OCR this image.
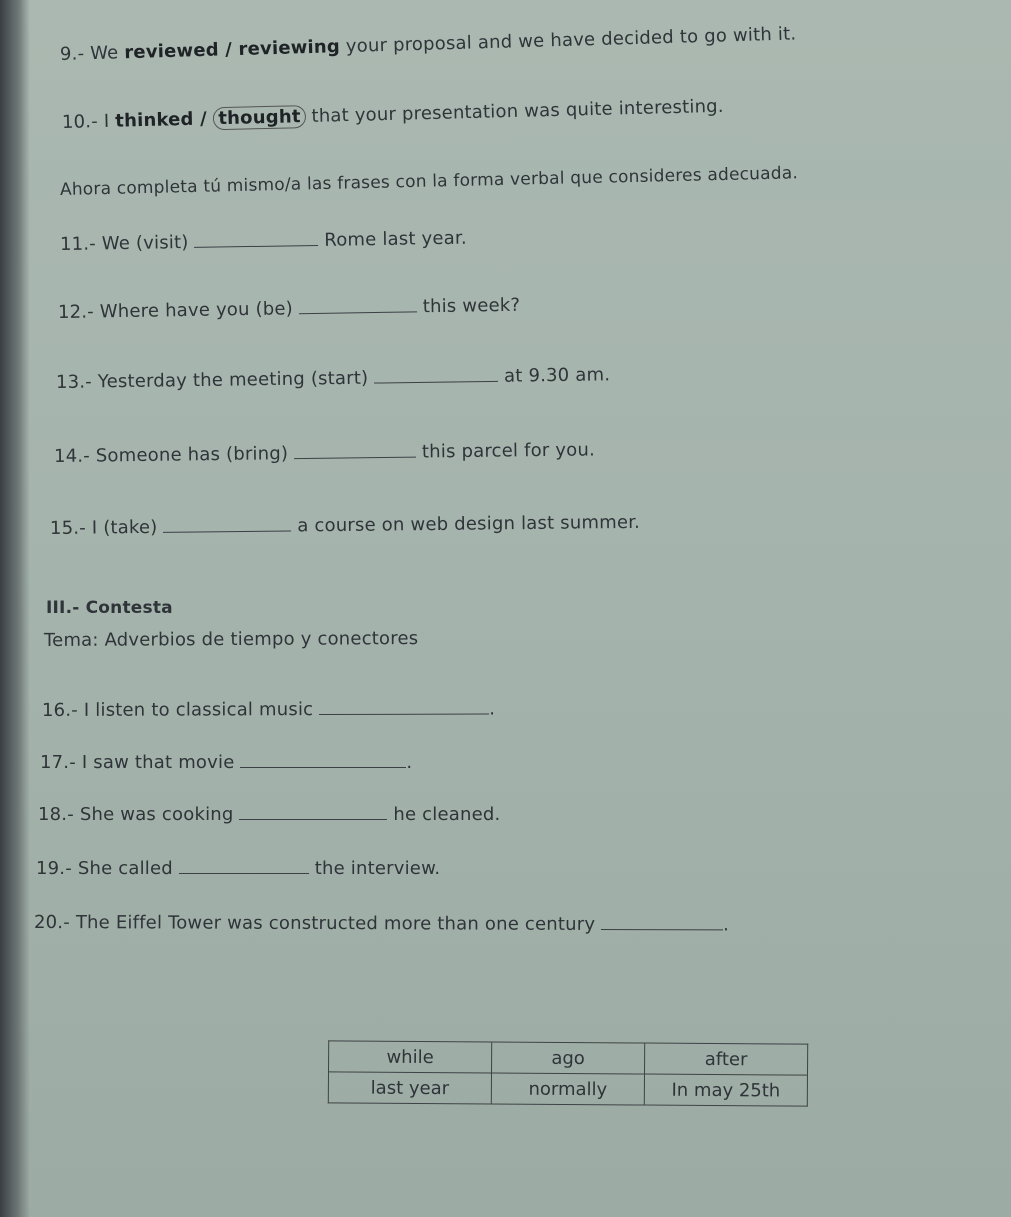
9.- We reviewed / reviewing your proposal and we have decided to go with it.
10.- I thinked / thought that your presentation was quite interesting.
Ahora completa tú mismo/a las frases con la forma verbal que consideres adecuada.
11.- We (visit)	Rome last year.
12.- Where have you (be)	this week?
13.- Yesterday the meeting (start)	at 9.30 am.
14.- Someone has (bring)	this parcel for you.
15.- I (take)	a course on web design last summer.
III.- Contesta
Tema: Adverbios de tiempo y conectores
16.- I listen to classical music	.
17.- I saw that movie	.
18.- She was cooking	he cleaned.
19.- She called	the interview.
20.- The Eiffel Tower was constructed more than one century	.
while	ago	after
last year	normally	In may 25th
